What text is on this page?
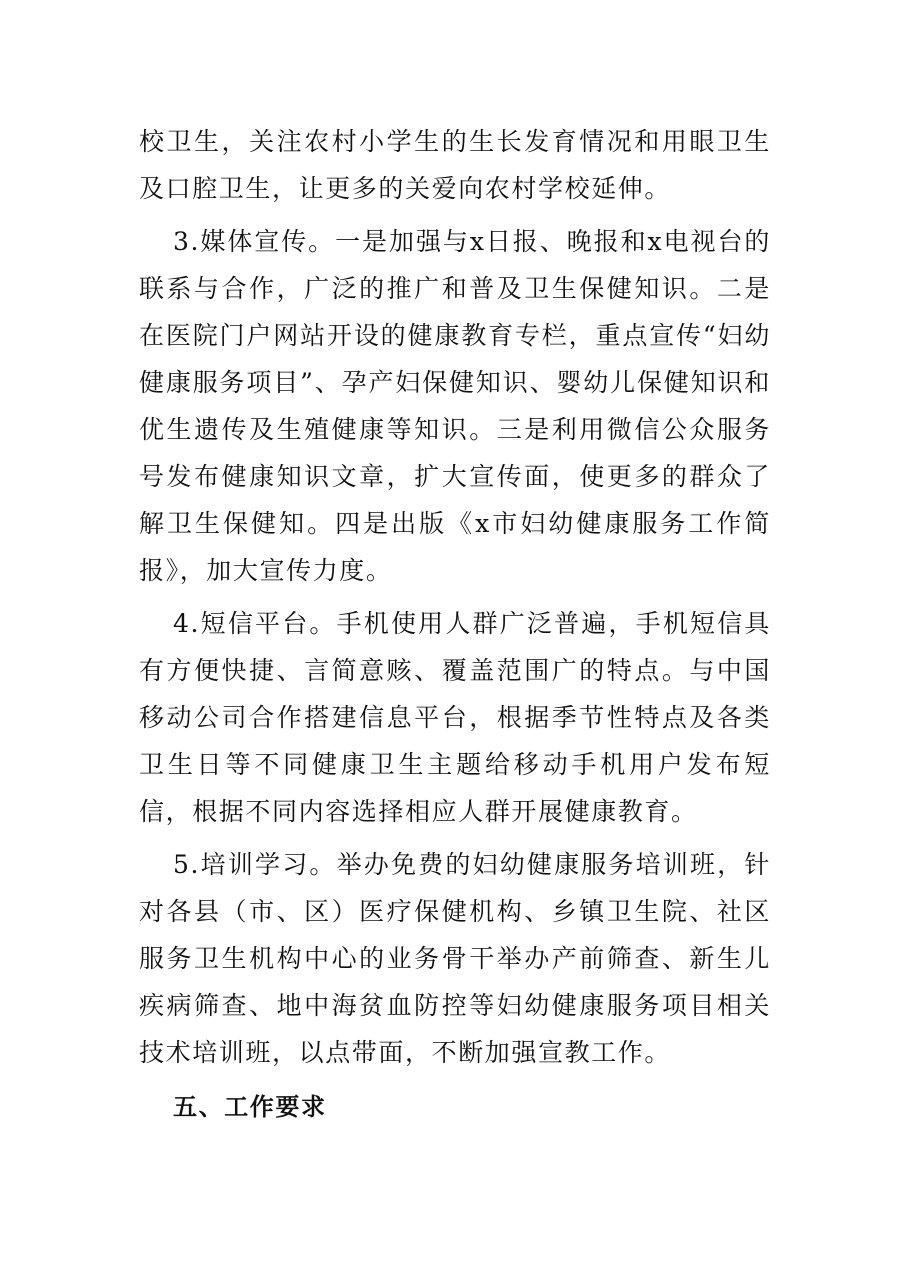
校卫生，关注农村小学生的生长发育情况和用眼卫生及口腔卫生，让更多的关爱向农村学校延伸。

3.媒体宣传。一是加强与x日报、晚报和x电视台的联系与合作，广泛的推广和普及卫生保健知识。二是在医院门户网站开设的健康教育专栏，重点宣传“妇幼健康服务项目”、孕产妇保健知识、婴幼儿保健知识和优生遗传及生殖健康等知识。三是利用微信公众服务号发布健康知识文章，扩大宣传面，使更多的群众了解卫生保健知。四是出版《x市妇幼健康服务工作简报》，加大宣传力度。

4.短信平台。手机使用人群广泛普遍，手机短信具有方便快捷、言简意赅、覆盖范围广的特点。与中国移动公司合作搭建信息平台，根据季节性特点及各类卫生日等不同健康卫生主题给移动手机用户发布短信，根据不同内容选择相应人群开展健康教育。

5.培训学习。举办免费的妇幼健康服务培训班，针对各县（市、区）医疗保健机构、乡镇卫生院、社区服务卫生机构中心的业务骨干举办产前筛查、新生儿疾病筛查、地中海贫血防控等妇幼健康服务项目相关技术培训班，以点带面，不断加强宣教工作。

五、工作要求
